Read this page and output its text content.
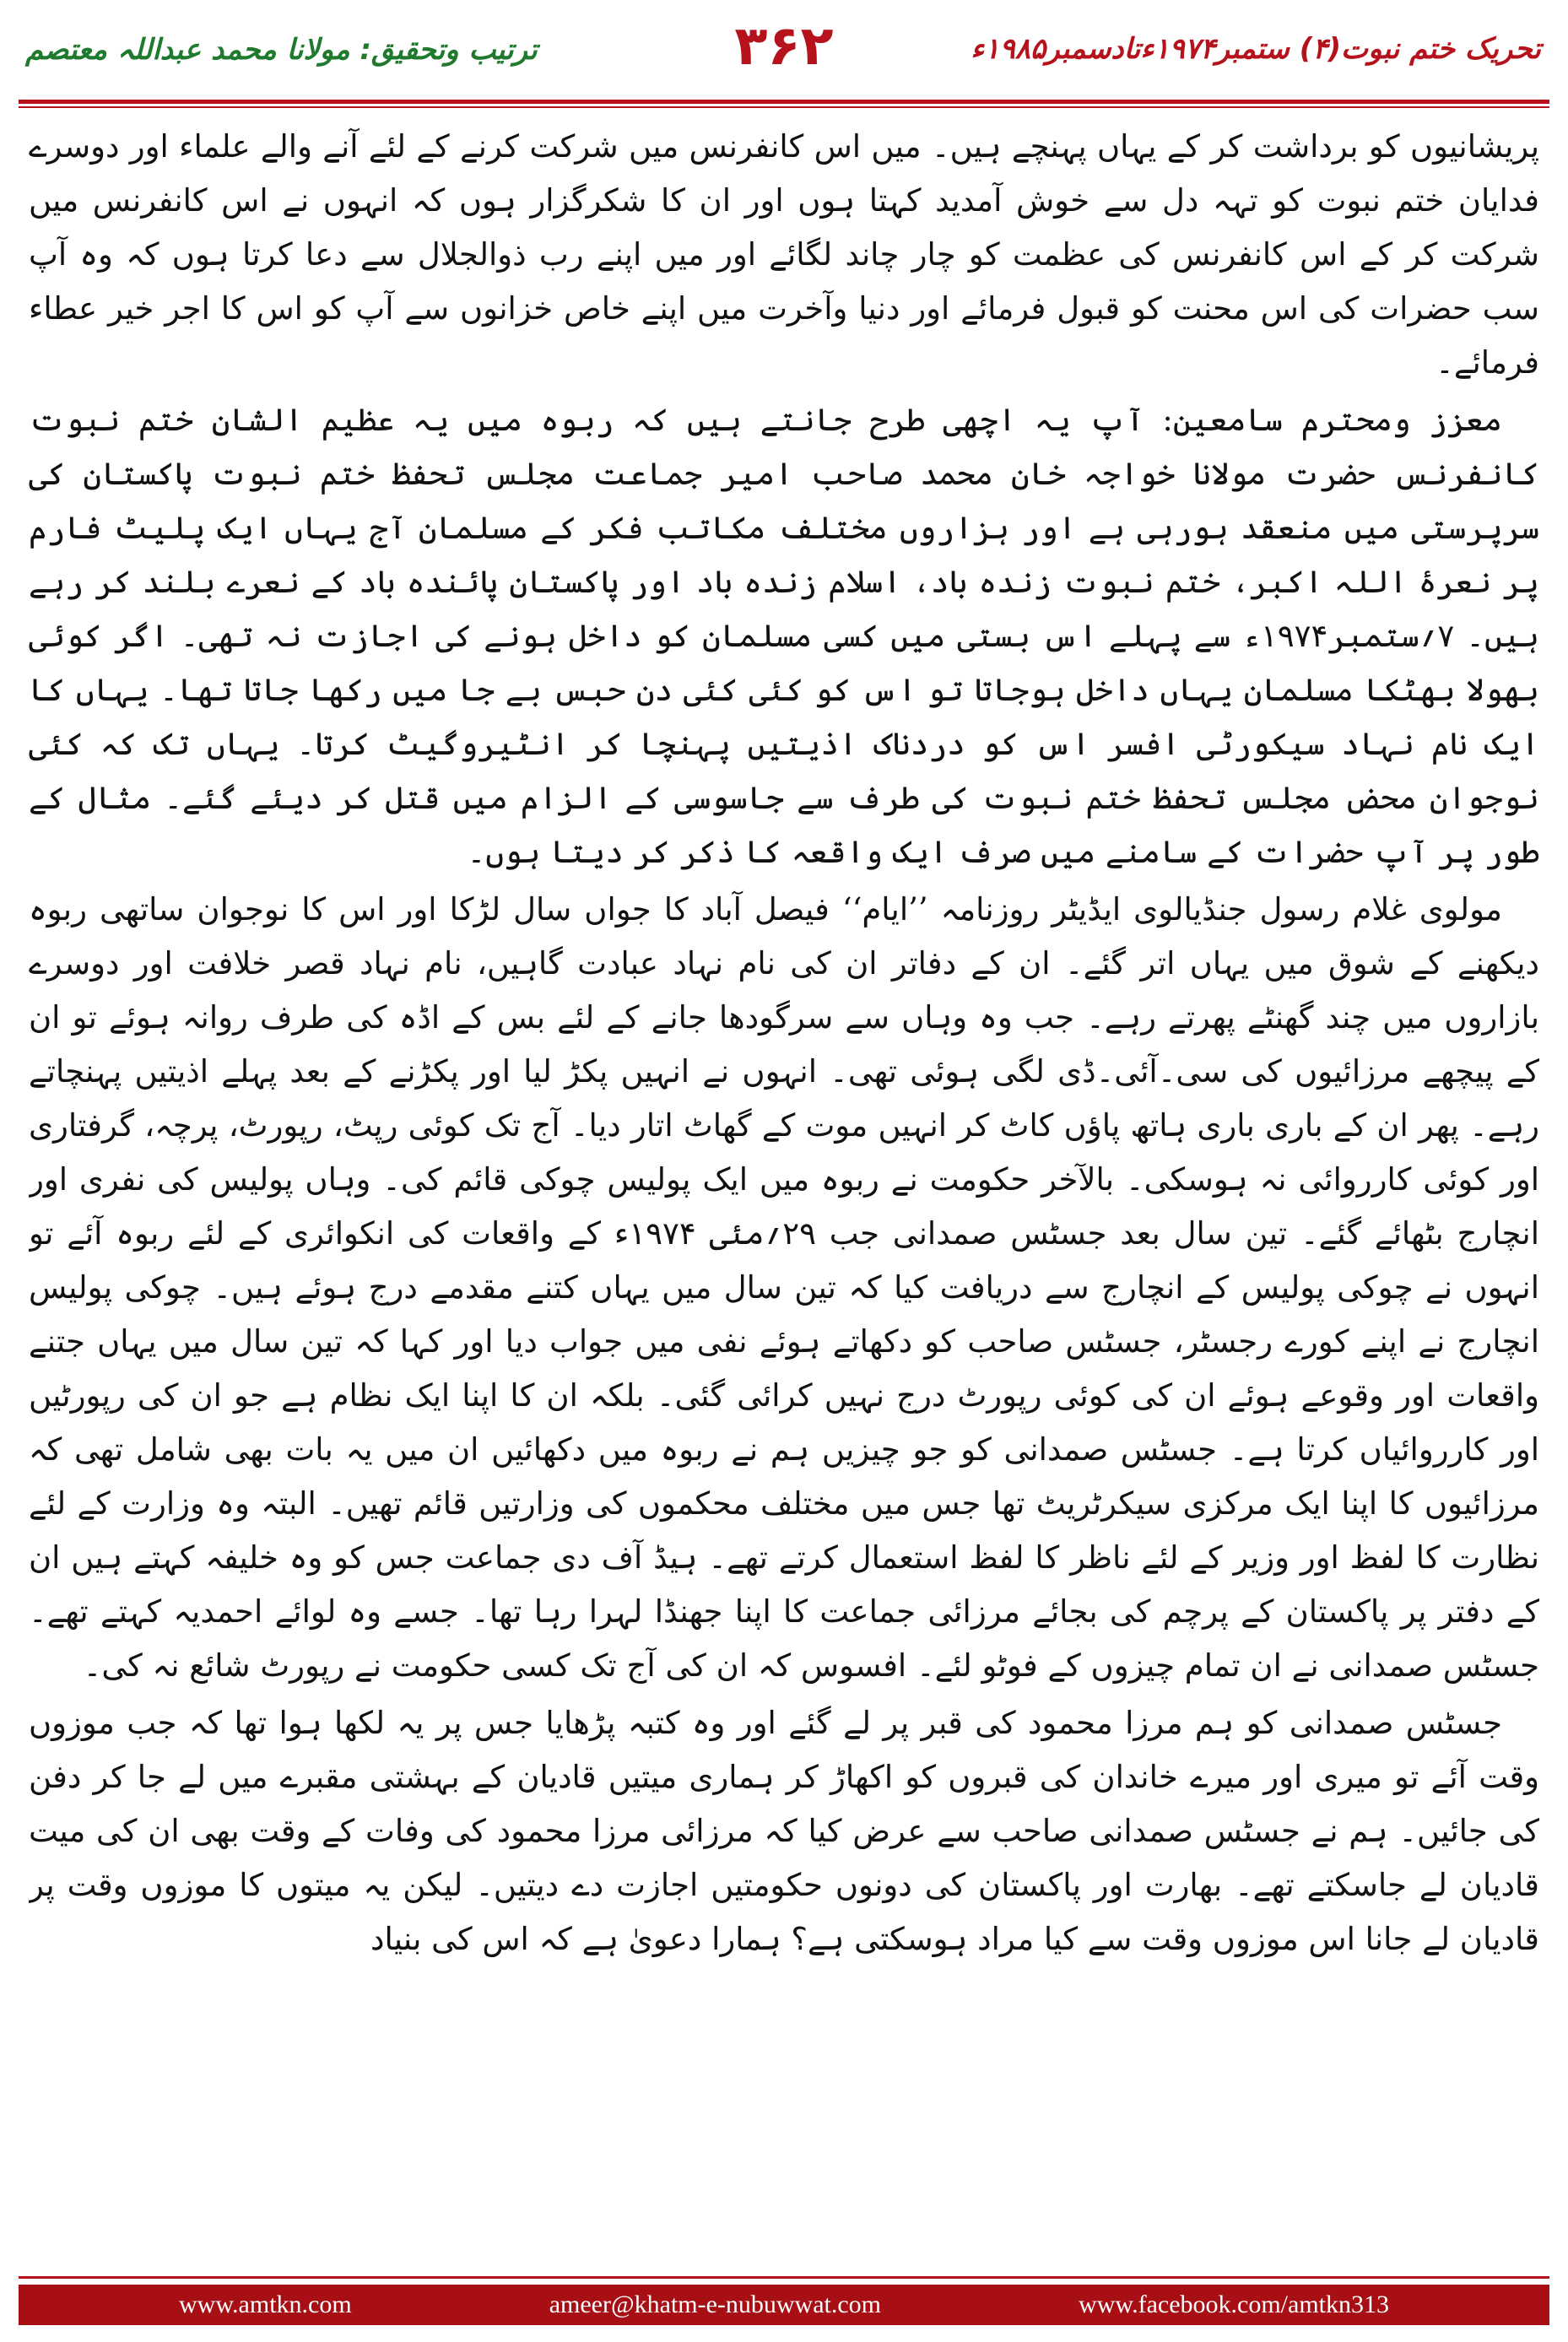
ترتیب وتحقیق: مولانا محمد عبداللہ معتصم	۳۶۲	تحریک ختم نبوت(۴) ستمبر۱۹۷۴ءتادسمبر۱۹۸۵ء

پریشانیوں کو برداشت کر کے یہاں پہنچے ہیں۔ میں اس کانفرنس میں شرکت کرنے کے لئے آنے والے علماء اور دوسرے فدایان ختم نبوت کو تہہ دل سے خوش آمدید کہتا ہوں اور ان کا شکرگزار ہوں کہ انہوں نے اس کانفرنس میں شرکت کر کے اس کانفرنس کی عظمت کو چار چاند لگائے اور میں اپنے رب ذوالجلال سے دعا کرتا ہوں کہ وہ آپ سب حضرات کی اس محنت کو قبول فرمائے اور دنیا وآخرت میں اپنے خاص خزانوں سے آپ کو اس کا اجر خیر عطاء فرمائے۔

معزز ومحترم سامعین: آپ یہ اچھی طرح جانتے ہیں کہ ربوہ میں یہ عظیم الشان ختم نبوت کانفرنس حضرت مولانا خواجہ خان محمد صاحب امیر جماعت مجلس تحفظ ختم نبوت پاکستان کی سرپرستی میں منعقد ہورہی ہے اور ہزاروں مختلف مکاتب فکر کے مسلمان آج یہاں ایک پلیٹ فارم پر نعرۂ اللہ اکبر، ختم نبوت زندہ باد، اسلام زندہ باد اور پاکستان پائندہ باد کے نعرے بلند کر رہے ہیں۔ ۷؍ستمبر۱۹۷۴ء سے پہلے اس بستی میں کسی مسلمان کو داخل ہونے کی اجازت نہ تھی۔ اگر کوئی بھولا بھٹکا مسلمان یہاں داخل ہوجاتا تو اس کو کئی کئی دن حبس بے جا میں رکھا جاتا تھا۔ یہاں کا ایک نام نہاد سیکورٹی افسر اس کو دردناک اذیتیں پہنچا کر انٹیروگیٹ کرتا۔ یہاں تک کہ کئی نوجوان محض مجلس تحفظ ختم نبوت کی طرف سے جاسوسی کے الزام میں قتل کر دیئے گئے۔ مثال کے طور پر آپ حضرات کے سامنے میں صرف ایک واقعہ کا ذکر کر دیتا ہوں۔

مولوی غلام رسول جنڈیالوی ایڈیٹر روزنامہ ’’ایام‘‘ فیصل آباد کا جواں سال لڑکا اور اس کا نوجوان ساتھی ربوہ دیکھنے کے شوق میں یہاں اتر گئے۔ ان کے دفاتر ان کی نام نہاد عبادت گاہیں، نام نہاد قصر خلافت اور دوسرے بازاروں میں چند گھنٹے پھرتے رہے۔ جب وہ وہاں سے سرگودھا جانے کے لئے بس کے اڈہ کی طرف روانہ ہوئے تو ان کے پیچھے مرزائیوں کی سی۔آئی۔ڈی لگی ہوئی تھی۔ انہوں نے انہیں پکڑ لیا اور پکڑنے کے بعد پہلے اذیتیں پہنچاتے رہے۔ پھر ان کے باری باری ہاتھ پاؤں کاٹ کر انہیں موت کے گھاٹ اتار دیا۔ آج تک کوئی رپٹ، رپورٹ، پرچہ، گرفتاری اور کوئی کارروائی نہ ہوسکی۔ بالآخر حکومت نے ربوہ میں ایک پولیس چوکی قائم کی۔ وہاں پولیس کی نفری اور انچارج بٹھائے گئے۔ تین سال بعد جسٹس صمدانی جب ۲۹؍مئی ۱۹۷۴ء کے واقعات کی انکوائری کے لئے ربوہ آئے تو انہوں نے چوکی پولیس کے انچارج سے دریافت کیا کہ تین سال میں یہاں کتنے مقدمے درج ہوئے ہیں۔ چوکی پولیس انچارج نے اپنے کورے رجسٹر، جسٹس صاحب کو دکھاتے ہوئے نفی میں جواب دیا اور کہا کہ تین سال میں یہاں جتنے واقعات اور وقوعے ہوئے ان کی کوئی رپورٹ درج نہیں کرائی گئی۔ بلکہ ان کا اپنا ایک نظام ہے جو ان کی رپورٹیں اور کارروائیاں کرتا ہے۔ جسٹس صمدانی کو جو چیزیں ہم نے ربوہ میں دکھائیں ان میں یہ بات بھی شامل تھی کہ مرزائیوں کا اپنا ایک مرکزی سیکرٹریٹ تھا جس میں مختلف محکموں کی وزارتیں قائم تھیں۔ البتہ وہ وزارت کے لئے نظارت کا لفظ اور وزیر کے لئے ناظر کا لفظ استعمال کرتے تھے۔ ہیڈ آف دی جماعت جس کو وہ خلیفہ کہتے ہیں ان کے دفتر پر پاکستان کے پرچم کی بجائے مرزائی جماعت کا اپنا جھنڈا لہرا رہا تھا۔ جسے وہ لوائے احمدیہ کہتے تھے۔ جسٹس صمدانی نے ان تمام چیزوں کے فوٹو لئے۔ افسوس کہ ان کی آج تک کسی حکومت نے رپورٹ شائع نہ کی۔

جسٹس صمدانی کو ہم مرزا محمود کی قبر پر لے گئے اور وہ کتبہ پڑھایا جس پر یہ لکھا ہوا تھا کہ جب موزوں وقت آئے تو میری اور میرے خاندان کی قبروں کو اکھاڑ کر ہماری میتیں قادیان کے بہشتی مقبرے میں لے جا کر دفن کی جائیں۔ ہم نے جسٹس صمدانی صاحب سے عرض کیا کہ مرزائی مرزا محمود کی وفات کے وقت بھی ان کی میت قادیان لے جاسکتے تھے۔ بھارت اور پاکستان کی دونوں حکومتیں اجازت دے دیتیں۔ لیکن یہ میتوں کا موزوں وقت پر قادیان لے جانا اس موزوں وقت سے کیا مراد ہوسکتی ہے؟ ہمارا دعویٰ ہے کہ اس کی بنیاد

www.amtkn.com	ameer@khatm-e-nubuwwat.com	www.facebook.com/amtkn313
